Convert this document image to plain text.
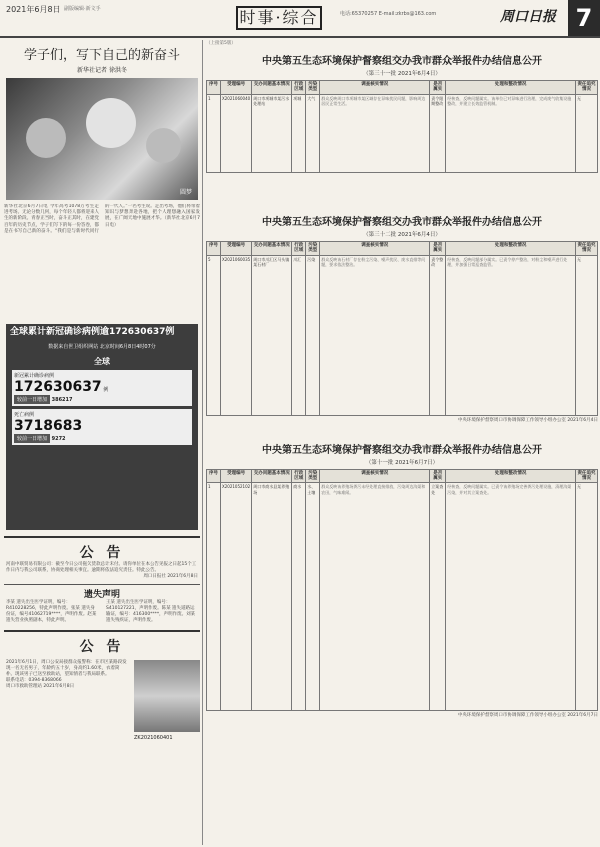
2021年6月8日 副版编辑·新文手	时事·综合	电话:65370257 E-mail:zkrbs@163.com	周口日报 7
学子们，写下自己的新奋斗
新华社记者 徐洪冬
圆梦
新华社北京6月7日电 今年高考1078万考生走进考场。无论分数几何，每个年轻人都将迎来人生的新阶段。青春正当时，奋斗正其时，在建党百年的历史节点，学子们写下的每一份答卷，都是在书写自己新的奋斗。“我们是与新时代同行的一代人。”一名考生说。走出考场，他们将带着知识与梦想奔赴各地，把个人理想融入国家发展，在广阔天地中施展才华。（新华社北京6月7日电）
全球累计新冠确诊病例逾172630637例
数据来自世卫组织网站 北京时间6月8日4时07分
全球
新冠累计确诊病例
172630637 例
较前一日增加 386217
死亡病例
3718683
较前一日增加 9272
公 告
河南中联贸易有限公司：截至今日公司拖欠货款总计未付。请你单位在本公告见报之日起15个工作日内与我公司联系，协商处理相关事宜。逾期将依法追究责任。特此公告。
周口日报社 2021年6月8日
遗失声明
李某 遗失出生医学证明，编号：R410228256，特此声明作废。张某 遗失身份证，编号41062719****，声明作废。赵某 遗失营业执照副本，特此声明。
王某 遗失出生医学证明，编号：S410127221，声明作废。陈某 遗失道路运输证，编号：416300****，声明作废。刘某 遗失残疾证，声明作废。
公 告
2021年6月1日，周口公安局接群众报警称：在市区某路段发现一名无名男子，年龄约五十岁，身高约1.60米，衣着简朴。现该男子已送至救助站，望知情者与我局联系。
联系电话：0394-8368066
周口市救助管理站 2021年6月8日
ZK2021060401
（上接第5版）
中央第五生态环境保护督察组交办我市群众举报件办结信息公开
（第三十一批 2021年6月4日）
序号	受理编号	交办问题基本情况	行政区域	污染类型	调查核实情况	是否属实	处理和整改情况	责任追究情况
1	X2021060040	周口市项城市某污水处理站	项城	大气	群众反映周口市项城市某区域存在异味扰民问题，影响周边居民正常生活。	责令限期整改	经核查，反映问题属实。该单位已对异味进行治理，完成废气收集设施整改，并建立长效监管机制。	无
中央第五生态环境保护督察组交办我市群众举报件办结信息公开
（第三十二批 2021年6月4日）
序号	受理编号	交办问题基本情况	行政区域	污染类型	调查核实情况	是否属实	处理和整改情况	责任追究情况
5	X2021060035	周口市川汇区马头镇某石材厂	川汇	污染	群众反映该石材厂存在粉尘污染、噪声扰民、废水直排等问题，要求依法整治。	责令整改	经核查，反映问题部分属实。已责令停产整治，对粉尘和噪声进行处理，并加强日常巡查监管。	无
中央环境保护督察周口市协调保障工作领导小组办公室 2021年6月4日
中央第五生态环境保护督察组交办我市群众举报件办结信息公开
（第十一批 2021年6月7日）
序号	受理编号	交办问题基本情况	行政区域	污染类型	调查核实情况	是否属实	处理和整改情况	责任追究情况
1	X2021052102	周口市商水县某养殖场	商水	水、土壤	群众反映该养殖场粪污未经处理直接排放，污染周边沟渠和农田，气味难闻。	立案查处	经核查，反映问题属实。已责令该养殖场完善粪污处理设施，清理沟渠污染，并对其立案查处。	无
中央环境保护督察周口市协调保障工作领导小组办公室 2021年6月7日
